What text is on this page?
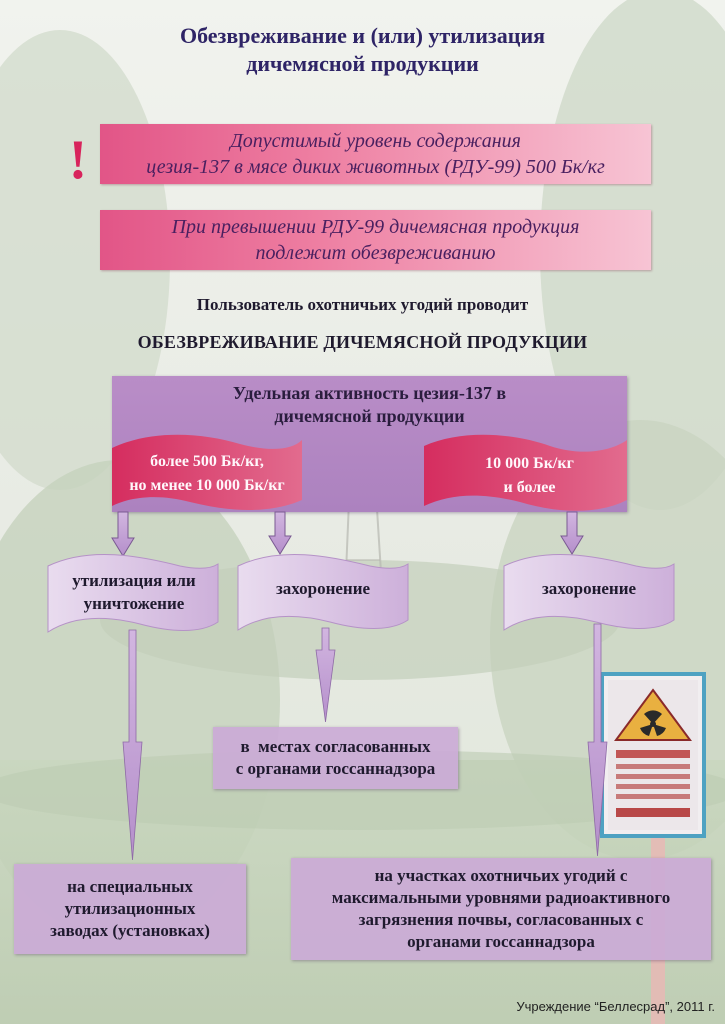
Обезвреживание и (или) утилизация
дичемясной продукции
!	Допустимый уровень содержания
цезия-137 в мясе диких животных (РДУ-99) 500 Бк/кг
При превышении РДУ-99 дичемясная продукция
подлежит обезвреживанию
Пользователь охотничьих угодий проводит
ОБЕЗВРЕЖИВАНИЕ ДИЧЕМЯСНОЙ ПРОДУКЦИИ
Удельная активность цезия-137 в
дичемясной продукции
более 500 Бк/кг,
но менее 10 000 Бк/кг
10 000 Бк/кг
и более
утилизация или
уничтожение
захоронение	захоронение
в  местах согласованных
с органами госсаннадзора
на специальных
утилизационных
заводах (установках)
на участках охотничьих угодий с
максимальными уровнями радиоактивного
загрязнения почвы, согласованных с
органами госсаннадзора
Учреждение “Беллесрад”, 2011 г.
